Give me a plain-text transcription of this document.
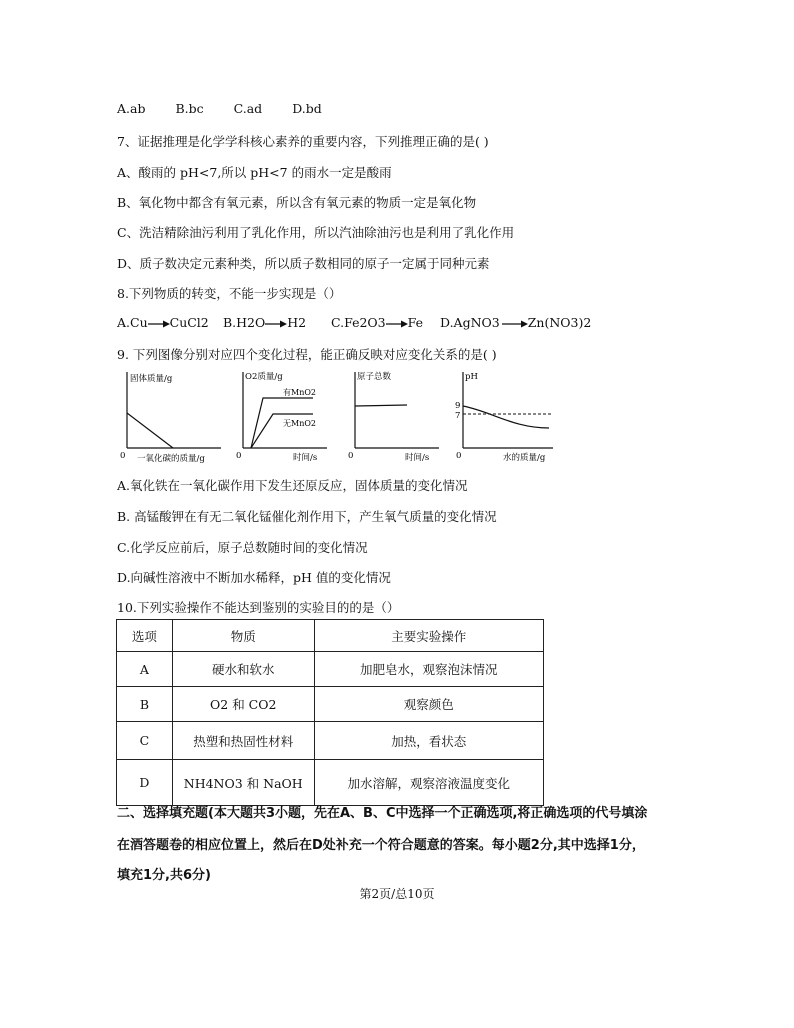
A.ab B.bc C.ad D.bd
7、证据推理是化学学科核心素养的重要内容，下列推理正确的是( )
A、酸雨的 pH<7,所以 pH<7 的雨水一定是酸雨
B、氧化物中都含有氧元素，所以含有氧元素的物质一定是氧化物
C、洗洁精除油污利用了乳化作用，所以汽油除油污也是利用了乳化作用
D、质子数决定元素种类，所以质子数相同的原子一定属于同种元素
8.下列物质的转变，不能一步实现是（）
A.Cu CuCl2 B.H2O H2 C.Fe2O3 Fe D.AgNO3 Zn(NO3)2
9. 下列图像分别对应四个变化过程，能正确反映对应变化关系的是( )
固体质量/g
0 一氧化碳的质量/g
O2质量/g
有MnO2
无MnO2
0	时间/s
原子总数
0	时间/s
pH
9
7
0	水的质量/g
A.氧化铁在一氧化碳作用下发生还原反应，固体质量的变化情况
B. 高锰酸钾在有无二氧化锰催化剂作用下，产生氧气质量的变化情况
C.化学反应前后，原子总数随时间的变化情况
D.向碱性溶液中不断加水稀释，pH 值的变化情况
10.下列实验操作不能达到鉴别的实验目的的是（）
选项	物质	主要实验操作
A	硬水和软水	加肥皂水，观察泡沫情况
B	O2 和 CO2	观察颜色
C	热塑和热固性材料	加热，看状态
D	NH4NO3 和 NaOH	加水溶解，观察溶液温度变化
二、选择填充题(本大题共3小题，先在A、B、C中选择一个正确选项,将正确选项的代号填涂
在酒答题卷的相应位置上，然后在D处补充一个符合题意的答案。每小题2分,其中选择1分，
填充1分,共6分)
第2页/总10页
